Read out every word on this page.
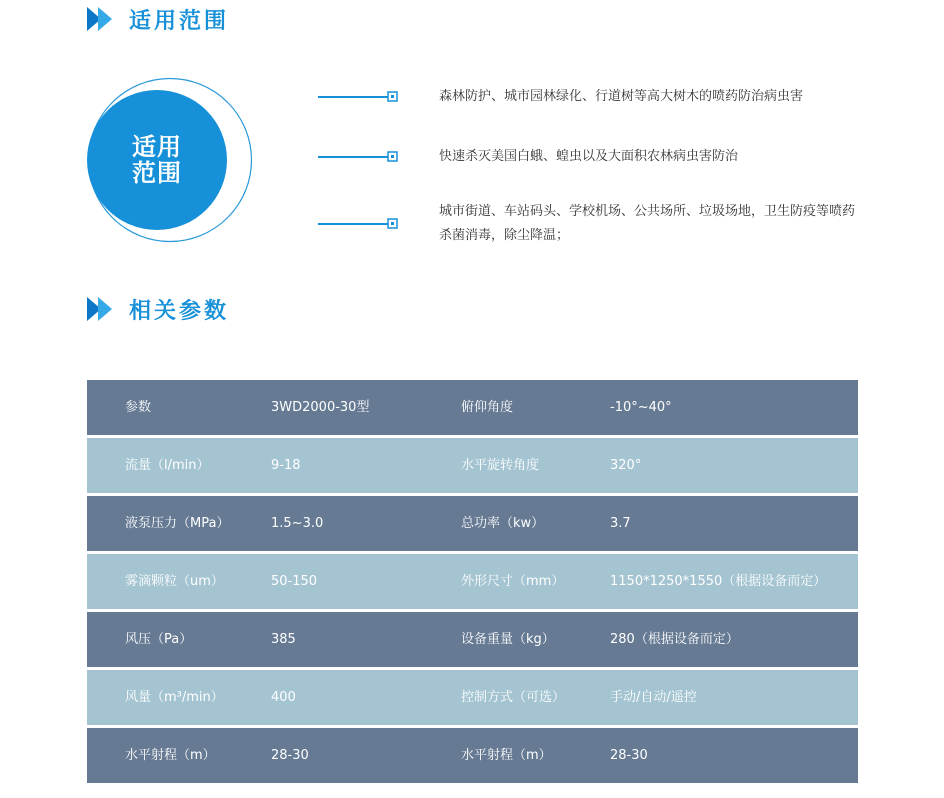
适用范围
适用
范围
森林防护、城市园林绿化、行道树等高大树木的喷药防治病虫害
快速杀灭美国白蛾、蝗虫以及大面积农林病虫害防治
城市街道、车站码头、学校机场、公共场所、垃圾场地，卫生防疫等喷药杀菌消毒，除尘降温；
相关参数
参数	3WD2000-30型	俯仰角度	-10°~40°
流量（l/min）	9-18	水平旋转角度	320°
液泵压力（MPa）	1.5~3.0	总功率（kw）	3.7
雾滴颗粒（um）	50-150	外形尺寸（mm）	1150*1250*1550（根据设备而定）
风压（Pa）	385	设备重量（kg）	280（根据设备而定）
风量（m³/min）	400	控制方式（可选）	手动/自动/遥控
水平射程（m）	28-30	水平射程（m）	28-30
